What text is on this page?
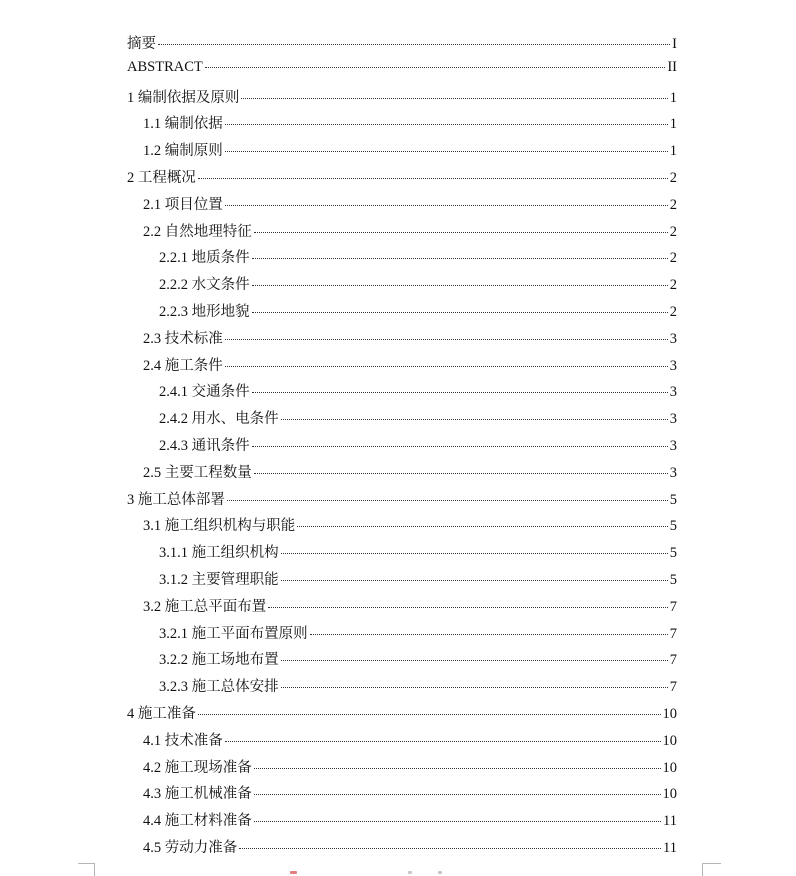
摘要	I
ABSTRACT	II
1 编制依据及原则	1
1.1 编制依据	1
1.2 编制原则	1
2 工程概况	2
2.1 项目位置	2
2.2 自然地理特征	2
2.2.1 地质条件	2
2.2.2 水文条件	2
2.2.3 地形地貌	2
2.3 技术标准	3
2.4 施工条件	3
2.4.1 交通条件	3
2.4.2 用水、电条件	3
2.4.3 通讯条件	3
2.5 主要工程数量	3
3 施工总体部署	5
3.1 施工组织机构与职能	5
3.1.1 施工组织机构	5
3.1.2 主要管理职能	5
3.2 施工总平面布置	7
3.2.1 施工平面布置原则	7
3.2.2 施工场地布置	7
3.2.3 施工总体安排	7
4 施工准备	10
4.1 技术准备	10
4.2 施工现场准备	10
4.3 施工机械准备	10
4.4 施工材料准备	11
4.5 劳动力准备	11
